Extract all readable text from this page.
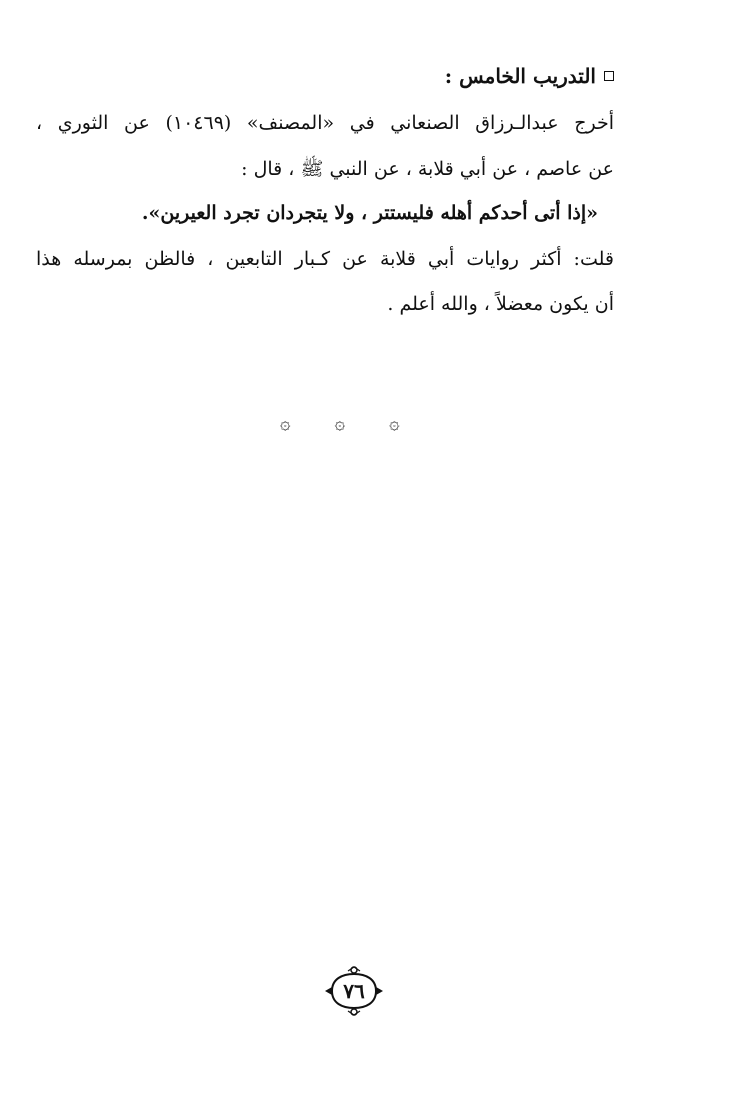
التدريب الخامس :
أخرج عبدالـرزاق الصنعاني في «المصنف» (١٠٤٦٩) عن الثوري ،
عن عاصم ، عن أبي قلابة ، عن النبي ﷺ ، قال :
«إذا أتى أحدكم أهله فليستتر ، ولا يتجردان تجرد العيرين».
قلت: أكثر روايات أبي قلابة عن كـبار التابعين ، فالظن بمرسله هذا
أن يكون معضلاً ، والله أعلم .
۞ ۞ ۞
٧٦
